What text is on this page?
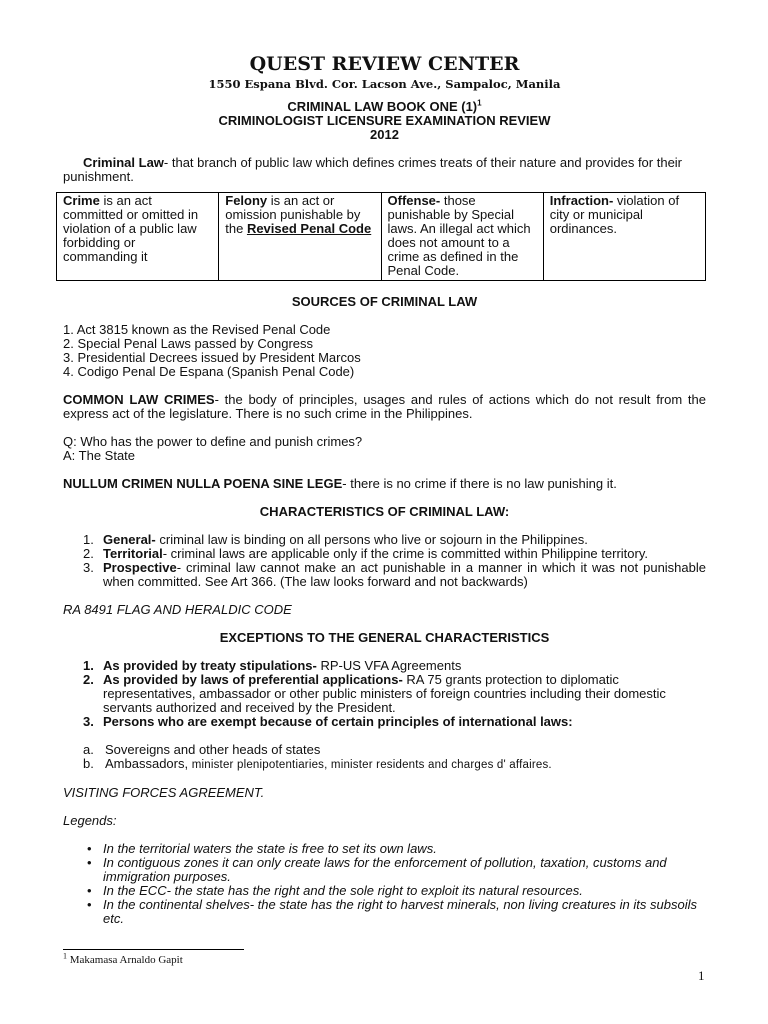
QUEST REVIEW CENTER
1550 Espana Blvd. Cor. Lacson Ave., Sampaloc, Manila
CRIMINAL LAW BOOK ONE $(1)^1$
CRIMINOLOGIST LICENSURE EXAMINATION REVIEW
2012
Criminal Law- that branch of public law which defines crimes treats of their nature and provides for their punishment.
Crime is an act committed or omitted in violation of a public law forbidding or commanding it	Felony is an act or omission punishable by the Revised Penal Code	Offense- those punishable by Special laws. An illegal act which does not amount to a crime as defined in the Penal Code.	Infraction- violation of city or municipal ordinances.
SOURCES OF CRIMINAL LAW
1. Act 3815 known as the Revised Penal Code
2. Special Penal Laws passed by Congress
3. Presidential Decrees issued by President Marcos
4. Codigo Penal De Espana (Spanish Penal Code)
COMMON LAW CRIMES- the body of principles, usages and rules of actions which do not result from the express act of the legislature. There is no such crime in the Philippines.
Q: Who has the power to define and punish crimes?
A: The State
NULLUM CRIMEN NULLA POENA SINE LEGE- there is no crime if there is no law punishing it.
CHARACTERISTICS OF CRIMINAL LAW:
1. General- criminal law is binding on all persons who live or sojourn in the Philippines.
2. Territorial- criminal laws are applicable only if the crime is committed within Philippine territory.
3. Prospective- criminal law cannot make an act punishable in a manner in which it was not punishable when committed. See Art 366. (The law looks forward and not backwards)
RA 8491 FLAG AND HERALDIC CODE
EXCEPTIONS TO THE GENERAL CHARACTERISTICS
1. As provided by treaty stipulations- RP-US VFA Agreements
2. As provided by laws of preferential applications- RA 75 grants protection to diplomatic representatives, ambassador or other public ministers of foreign countries including their domestic servants authorized and received by the President.
3. Persons who are exempt because of certain principles of international laws:
a. Sovereigns and other heads of states
b. Ambassadors, minister plenipotentiaries, minister residents and charges d' affaires.
VISITING FORCES AGREEMENT.
Legends:
• In the territorial waters the state is free to set its own laws.
• In contiguous zones it can only create laws for the enforcement of pollution, taxation, customs and immigration purposes.
• In the ECC- the state has the right and the sole right to exploit its natural resources.
• In the continental shelves- the state has the right to harvest minerals, non living creatures in its subsoils etc.
$^1$ Makamasa Arnaldo Gapit
1
